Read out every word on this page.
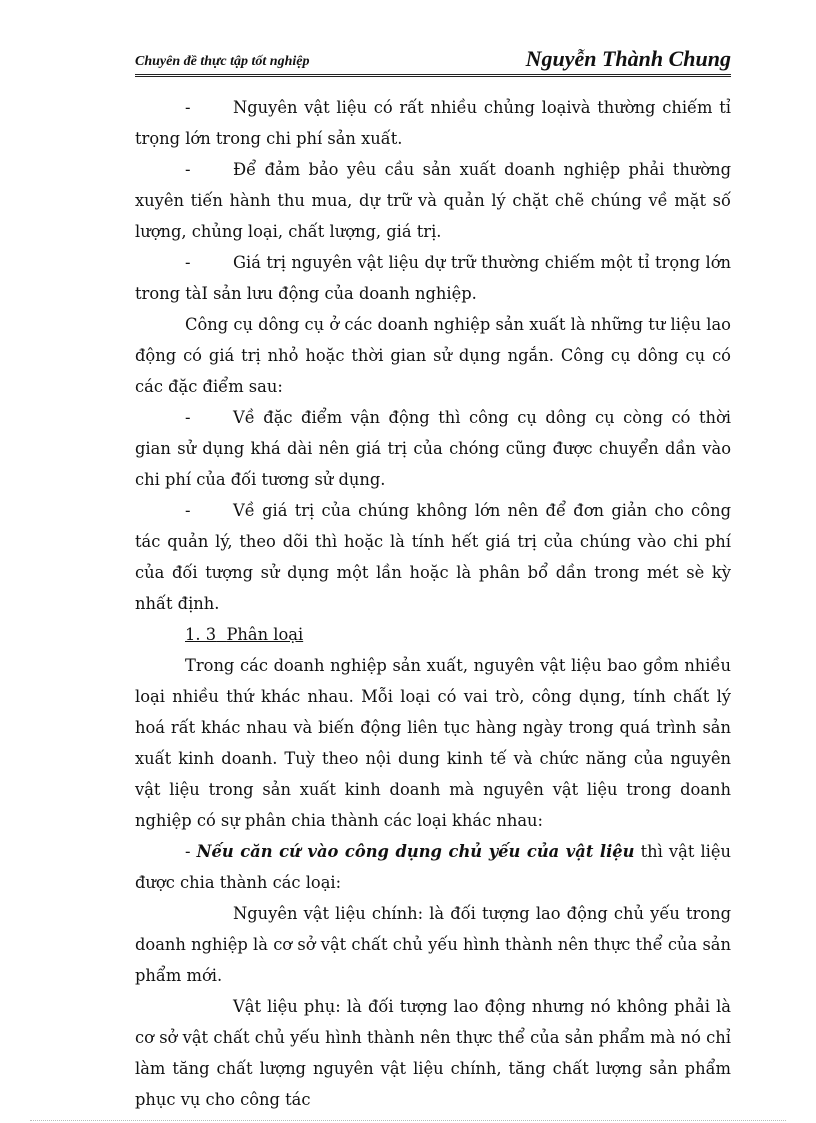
Chuyên đề thực tập tốt nghiệp	Nguyễn Thành Chung

-	Nguyên vật liệu có rất nhiều chủng loạivà thường chiếm tỉ trọng lớn trong chi phí sản xuất.

-	Để đảm bảo yêu cầu sản xuất doanh nghiệp phải thường xuyên tiến hành thu mua, dự trữ và quản lý chặt chẽ chúng về mặt số lượng, chủng loại, chất lượng, giá trị.

-	Giá trị nguyên vật liệu dự trữ thường chiếm một tỉ trọng lớn trong tàI sản lưu động của doanh nghiệp.

Công cụ dông cụ ở các doanh nghiệp sản xuất là những tư liệu lao động có giá trị nhỏ hoặc thời gian sử dụng ngắn. Công cụ dông cụ có các đặc điểm sau:

-	Về đặc điểm vận động thì công cụ dông cụ còng có thời gian sử dụng khá dài nên giá trị của chóng cũng được chuyển dần vào chi phí của đối tương sử dụng.

-	Về giá trị của chúng không lớn nên để đơn giản cho công tác quản lý, theo dõi thì hoặc là tính hết giá trị của chúng vào chi phí của đối tượng sử dụng một lần hoặc là phân bổ dần trong mét sè kỳ nhất định.

1. 3 Phân loại

Trong các doanh nghiệp sản xuất, nguyên vật liệu bao gồm nhiều loại nhiều thứ khác nhau. Mỗi loại có vai trò, công dụng, tính chất lý hoá rất khác nhau và biến động liên tục hàng ngày trong quá trình sản xuất kinh doanh. Tuỳ theo nội dung kinh tế và chức năng của nguyên vật liệu trong sản xuất kinh doanh mà nguyên vật liệu trong doanh nghiệp có sự phân chia thành các loại khác nhau:

- Nếu căn cứ vào công dụng chủ yếu của vật liệu thì vật liệu được chia thành các loại:

Nguyên vật liệu chính: là đối tượng lao động chủ yếu trong doanh nghiệp là cơ sở vật chất chủ yếu hình thành nên thực thể của sản phẩm mới.

Vật liệu phụ: là đối tượng lao động nhưng nó không phải là cơ sở vật chất chủ yếu hình thành nên thực thể của sản phẩm mà nó chỉ làm tăng chất lượng nguyên vật liệu chính, tăng chất lượng sản phẩm phục vụ cho công tác
